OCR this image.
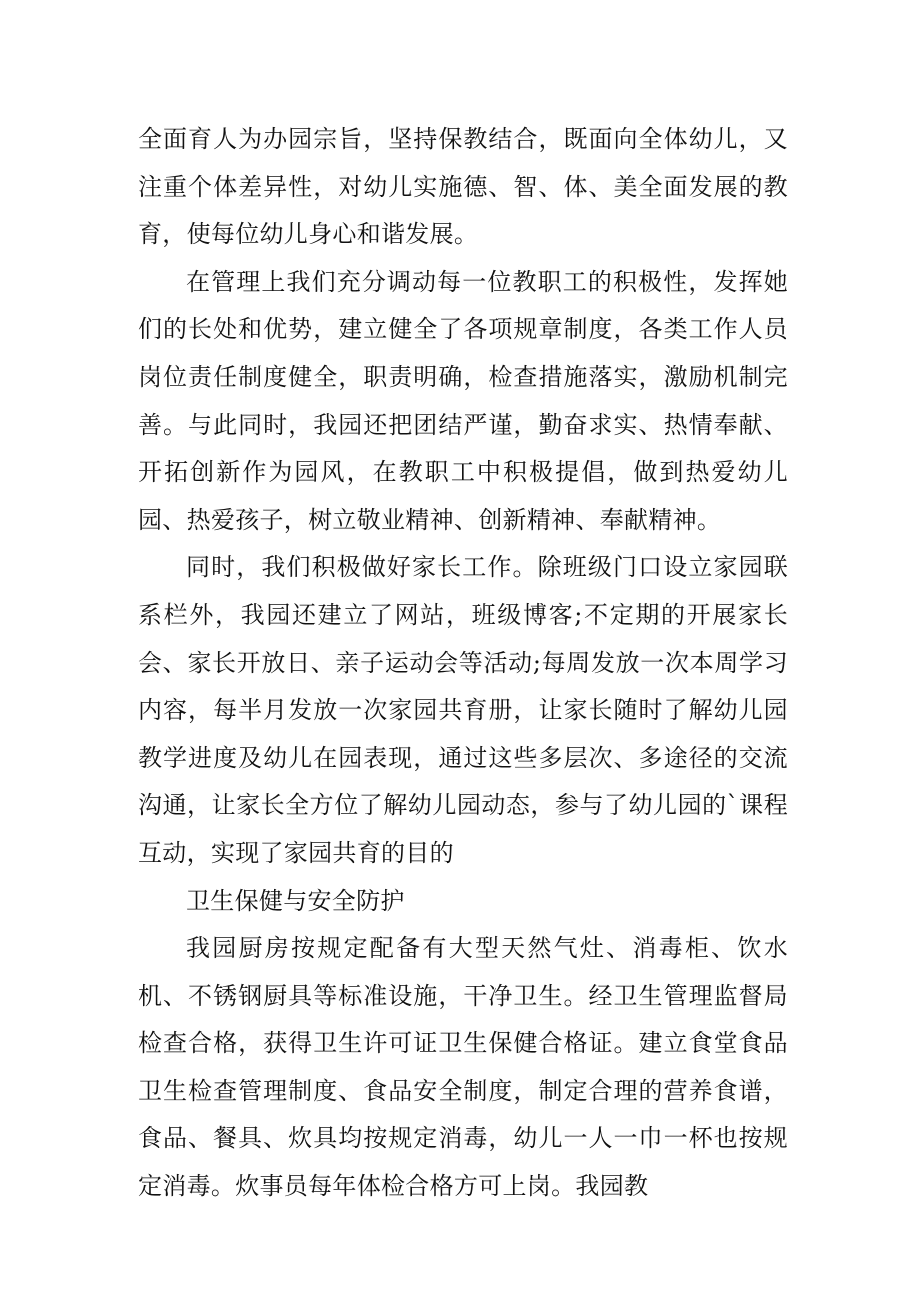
全面育人为办园宗旨，坚持保教结合，既面向全体幼儿，又注重个体差异性，对幼儿实施德、智、体、美全面发展的教育，使每位幼儿身心和谐发展。

在管理上我们充分调动每一位教职工的积极性，发挥她们的长处和优势，建立健全了各项规章制度，各类工作人员岗位责任制度健全，职责明确，检查措施落实，激励机制完善。与此同时，我园还把团结严谨，勤奋求实、热情奉献、开拓创新作为园风，在教职工中积极提倡，做到热爱幼儿园、热爱孩子，树立敬业精神、创新精神、奉献精神。

同时，我们积极做好家长工作。除班级门口设立家园联系栏外，我园还建立了网站，班级博客;不定期的开展家长会、家长开放日、亲子运动会等活动;每周发放一次本周学习内容，每半月发放一次家园共育册，让家长随时了解幼儿园教学进度及幼儿在园表现，通过这些多层次、多途径的交流沟通，让家长全方位了解幼儿园动态，参与了幼儿园的`课程互动，实现了家园共育的目的

卫生保健与安全防护

我园厨房按规定配备有大型天然气灶、消毒柜、饮水机、不锈钢厨具等标准设施，干净卫生。经卫生管理监督局检查合格，获得卫生许可证卫生保健合格证。建立食堂食品卫生检查管理制度、食品安全制度，制定合理的营养食谱，食品、餐具、炊具均按规定消毒，幼儿一人一巾一杯也按规定消毒。炊事员每年体检合格方可上岗。我园教
